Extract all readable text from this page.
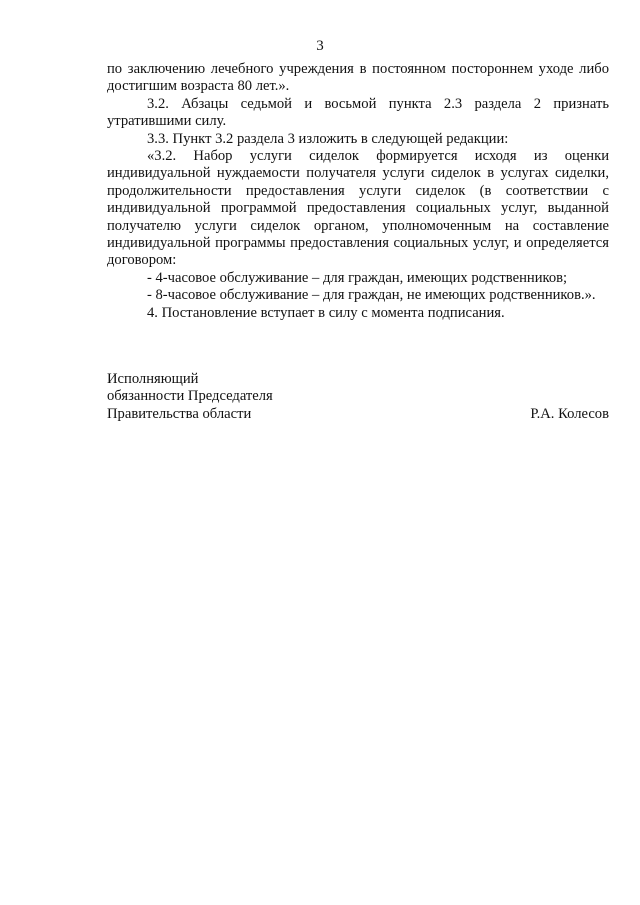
3

по заключению лечебного учреждения в постоянном постороннем уходе либо достигшим возраста 80 лет.».

3.2. Абзацы седьмой и восьмой пункта 2.3 раздела 2 признать утратившими силу.

3.3. Пункт 3.2 раздела 3 изложить в следующей редакции:

«3.2. Набор услуги сиделок формируется исходя из оценки индивидуальной нуждаемости получателя услуги сиделок в услугах сиделки, продолжительности предоставления услуги сиделок (в соответствии с индивидуальной программой предоставления социальных услуг, выданной получателю услуги сиделок органом, уполномоченным на составление индивидуальной программы предоставления социальных услуг, и определяется договором:

- 4-часовое обслуживание – для граждан, имеющих родственников;

- 8-часовое обслуживание – для граждан, не имеющих родственников.».

4. Постановление вступает в силу с момента подписания.

Исполняющий
обязанности Председателя
Правительства области	Р.А. Колесов
